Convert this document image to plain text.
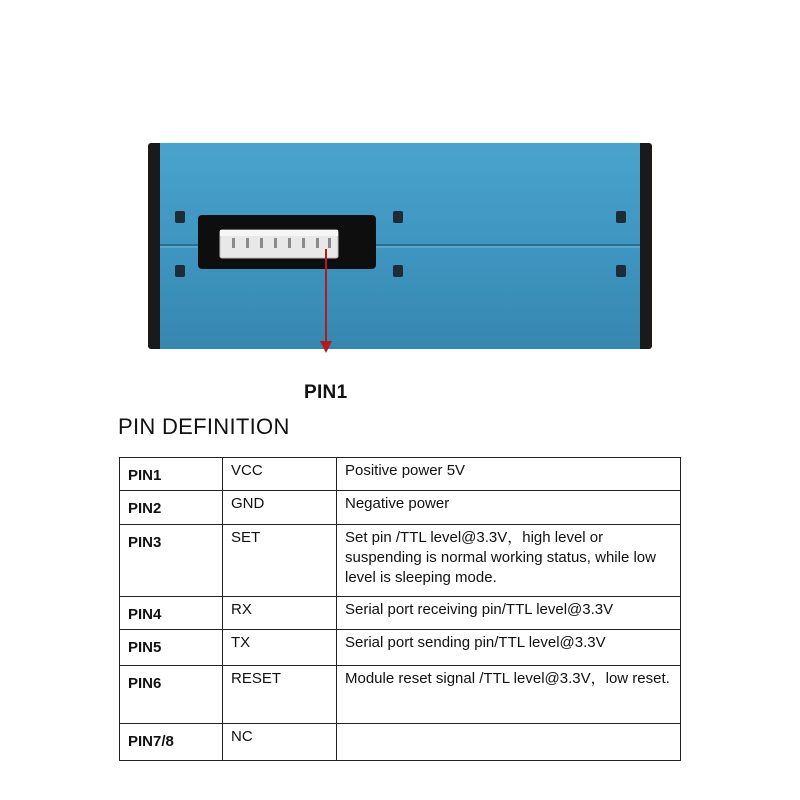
PIN1
PIN DEFINITION
PIN1	VCC	Positive power 5V
PIN2	GND	Negative power
PIN3	SET	Set pin /TTL level@3.3V，high level or suspending is normal working status, while low level is sleeping mode.
PIN4	RX	Serial port receiving pin/TTL level@3.3V
PIN5	TX	Serial port sending pin/TTL level@3.3V
PIN6	RESET	Module reset signal /TTL level@3.3V，low reset.
PIN7/8	NC	
